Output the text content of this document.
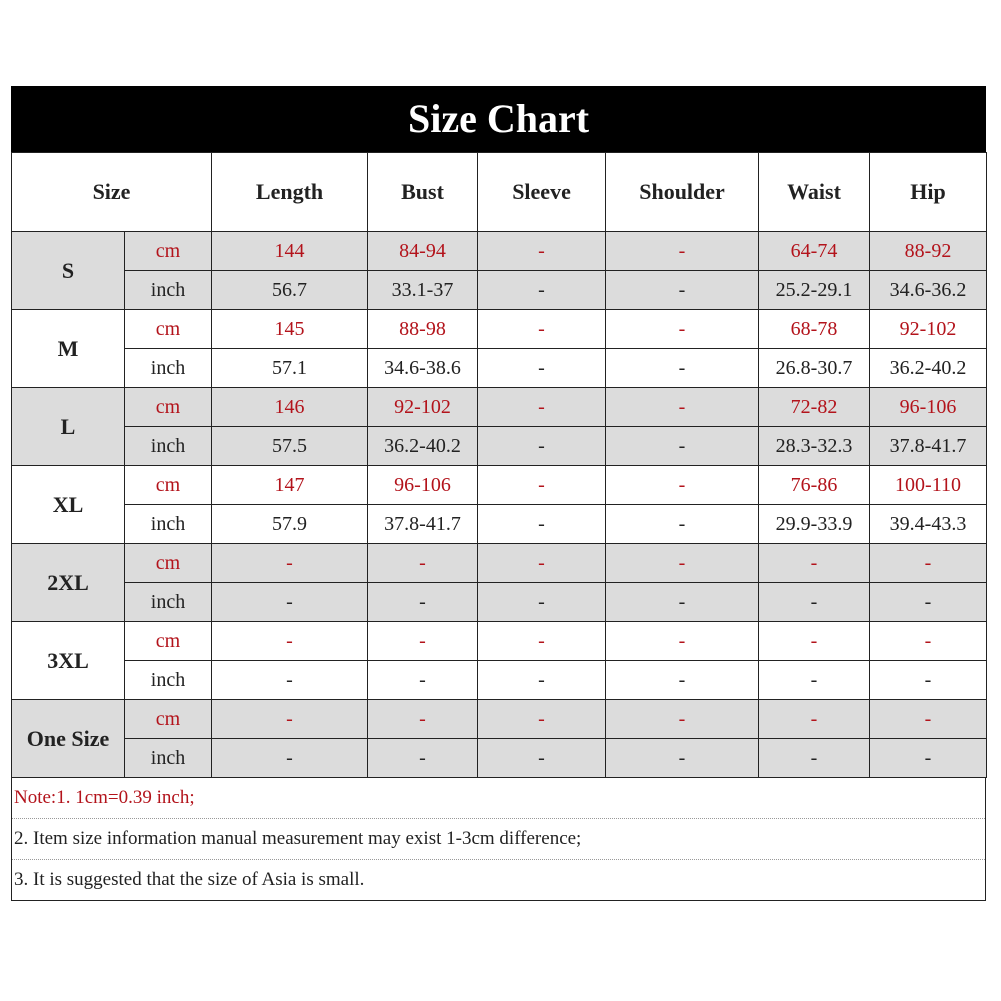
Size Chart
Size		Length	Bust	Sleeve	Shoulder	Waist	Hip
S	cm	144	84-94	-	-	64-74	88-92
	inch	56.7	33.1-37	-	-	25.2-29.1	34.6-36.2
M	cm	145	88-98	-	-	68-78	92-102
	inch	57.1	34.6-38.6	-	-	26.8-30.7	36.2-40.2
L	cm	146	92-102	-	-	72-82	96-106
	inch	57.5	36.2-40.2	-	-	28.3-32.3	37.8-41.7
XL	cm	147	96-106	-	-	76-86	100-110
	inch	57.9	37.8-41.7	-	-	29.9-33.9	39.4-43.3
2XL	cm	-	-	-	-	-	-
	inch	-	-	-	-	-	-
3XL	cm	-	-	-	-	-	-
	inch	-	-	-	-	-	-
One Size	cm	-	-	-	-	-	-
	inch	-	-	-	-	-	-
Note:1. 1cm=0.39 inch;
2. Item size information manual measurement may exist 1-3cm difference;
3. It is suggested that the size of Asia is small.
